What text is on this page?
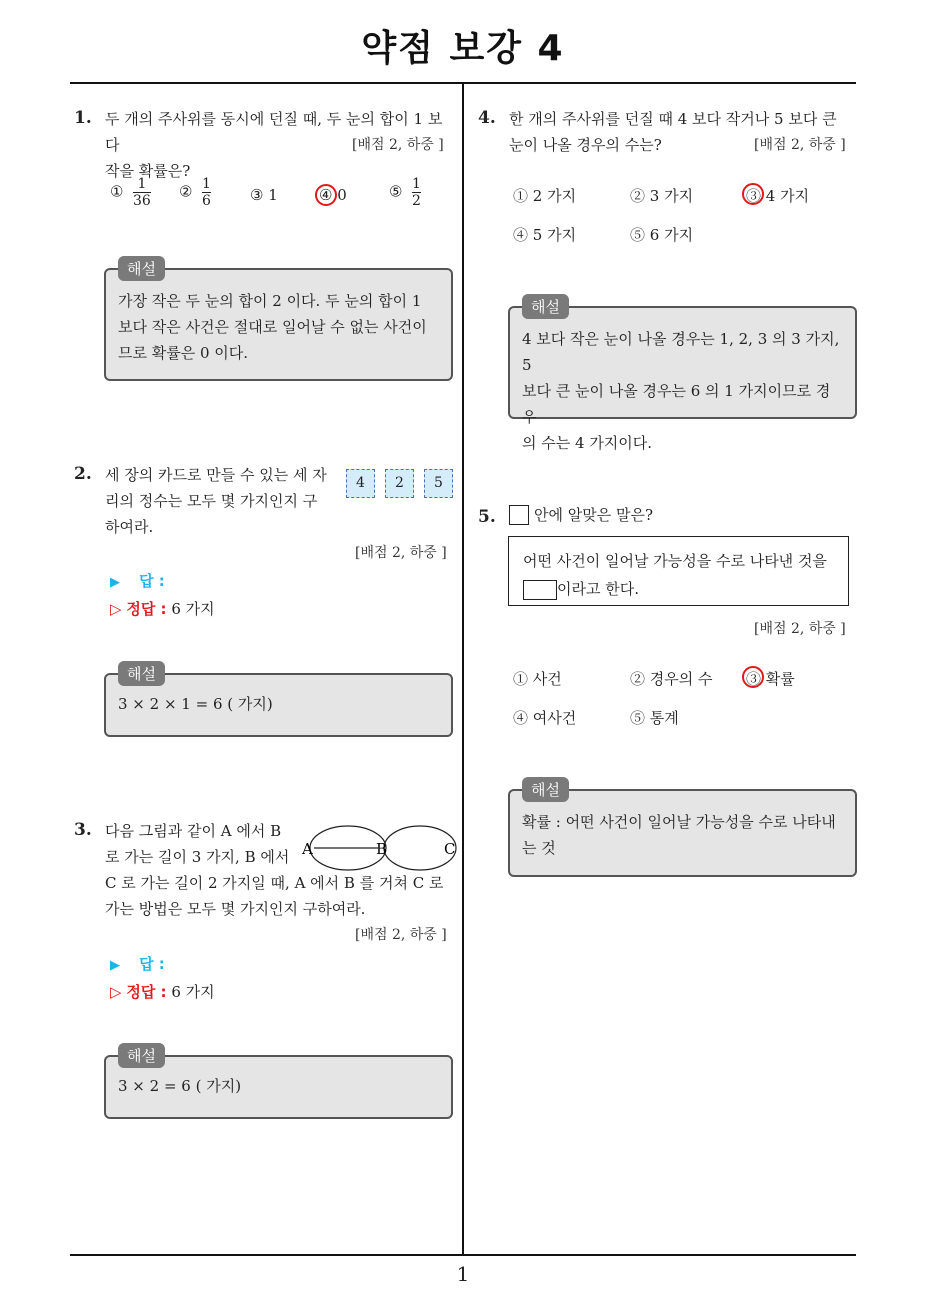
약점 보강 4
1
1. 두 개의 주사위를 동시에 던질 때, 두 눈의 합이 1 보다
작을 확률은?
[배점 2, 하중 ]
① $\frac{1}{36}$ ② $\frac{1}{6}$	③ 1	④ 0	⑤ $\frac{1}{2}$
가장 작은 두 눈의 합이 2 이다. 두 눈의 합이 1
보다 작은 사건은 절대로 일어날 수 없는 사건이
므로 확률은 0 이다.
해설
2. 세 장의 카드로 만들 수 있는 세 자
리의 정수는 모두 몇 가지인지 구
하여라.
4	2	5
[배점 2, 하중 ]
▶ 답 :
▷ 정답 : 6 가지
3 × 2 × 1 = 6 ( 가지)
해설
3. 다음 그림과 같이 A 에서 B
로 가는 길이 3 가지, B 에서
C 로 가는 길이 2 가지일 때, A 에서 B 를 거쳐 C 로
가는 방법은 모두 몇 가지인지 구하여라.
A	B	C
[배점 2, 하중 ]
▶ 답 :
▷ 정답 : 6 가지
3 × 2 = 6 ( 가지)
해설
4. 한 개의 주사위를 던질 때 4 보다 작거나 5 보다 큰
눈이 나올 경우의 수는?	[배점 2, 하중 ]
① 2 가지	② 3 가지	③ 4 가지
④ 5 가지	⑤ 6 가지
4 보다 작은 눈이 나올 경우는 1, 2, 3 의 3 가지, 5
보다 큰 눈이 나올 경우는 6 의 1 가지이므로 경우
의 수는 4 가지이다.
해설
5.	안에 알맞은 말은?
어떤 사건이 일어날 가능성을 수로 나타낸 것을
이라고 한다.
[배점 2, 하중 ]
① 사건	② 경우의 수 ③ 확률
④ 여사건	⑤ 통계
확률 : 어떤 사건이 일어날 가능성을 수로 나타내
는 것
해설
